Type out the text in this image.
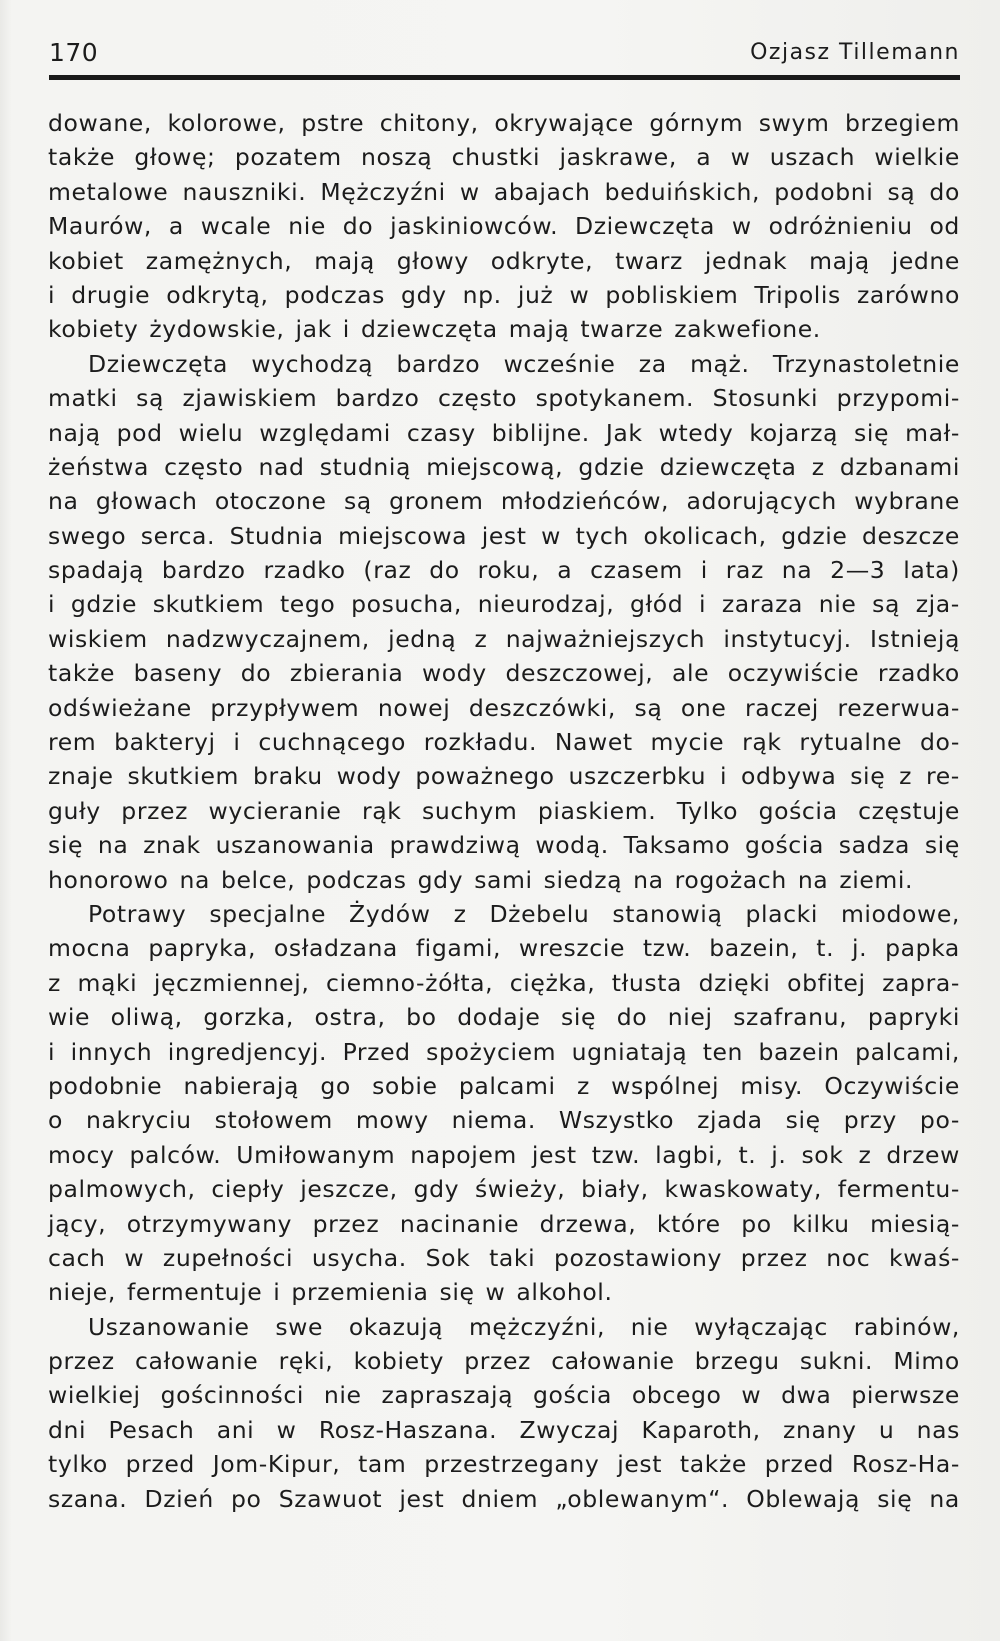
170	Ozjasz Tillemann
dowane, kolorowe, pstre chitony, okrywające górnym swym brzegiem
także głowę; pozatem noszą chustki jaskrawe, a w uszach wielkie
metalowe nauszniki. Mężczyźni w abajach beduińskich, podobni są do
Maurów, a wcale nie do jaskiniowców. Dziewczęta w odróżnieniu od
kobiet zamężnych, mają głowy odkryte, twarz jednak mają jedne
i drugie odkrytą, podczas gdy np. już w pobliskiem Tripolis zarówno
kobiety żydowskie, jak i dziewczęta mają twarze zakwefione.
Dziewczęta wychodzą bardzo wcześnie za mąż. Trzynastoletnie
matki są zjawiskiem bardzo często spotykanem. Stosunki przypomi-
nają pod wielu względami czasy biblijne. Jak wtedy kojarzą się mał-
żeństwa często nad studnią miejscową, gdzie dziewczęta z dzbanami
na głowach otoczone są gronem młodzieńców, adorujących wybrane
swego serca. Studnia miejscowa jest w tych okolicach, gdzie deszcze
spadają bardzo rzadko (raz do roku, a czasem i raz na 2—3 lata)
i gdzie skutkiem tego posucha, nieurodzaj, głód i zaraza nie są zja-
wiskiem nadzwyczajnem, jedną z najważniejszych instytucyj. Istnieją
także baseny do zbierania wody deszczowej, ale oczywiście rzadko
odświeżane przypływem nowej deszczówki, są one raczej rezerwua-
rem bakteryj i cuchnącego rozkładu. Nawet mycie rąk rytualne do-
znaje skutkiem braku wody poważnego uszczerbku i odbywa się z re-
guły przez wycieranie rąk suchym piaskiem. Tylko gościa częstuje
się na znak uszanowania prawdziwą wodą. Taksamo gościa sadza się
honorowo na belce, podczas gdy sami siedzą na rogożach na ziemi.
Potrawy specjalne Żydów z Dżebelu stanowią placki miodowe,
mocna papryka, osładzana figami, wreszcie tzw. bazein, t. j. papka
z mąki jęczmiennej, ciemno-żółta, ciężka, tłusta dzięki obfitej zapra-
wie oliwą, gorzka, ostra, bo dodaje się do niej szafranu, papryki
i innych ingredjencyj. Przed spożyciem ugniatają ten bazein palcami,
podobnie nabierają go sobie palcami z wspólnej misy. Oczywiście
o nakryciu stołowem mowy niema. Wszystko zjada się przy po-
mocy palców. Umiłowanym napojem jest tzw. lagbi, t. j. sok z drzew
palmowych, ciepły jeszcze, gdy świeży, biały, kwaskowaty, fermentu-
jący, otrzymywany przez nacinanie drzewa, które po kilku miesią-
cach w zupełności usycha. Sok taki pozostawiony przez noc kwaś-
nieje, fermentuje i przemienia się w alkohol.
Uszanowanie swe okazują mężczyźni, nie wyłączając rabinów,
przez całowanie ręki, kobiety przez całowanie brzegu sukni. Mimo
wielkiej gościnności nie zapraszają gościa obcego w dwa pierwsze
dni Pesach ani w Rosz-Haszana. Zwyczaj Kaparoth, znany u nas
tylko przed Jom-Kipur, tam przestrzegany jest także przed Rosz-Ha-
szana. Dzień po Szawuot jest dniem „oblewanym“. Oblewają się na
